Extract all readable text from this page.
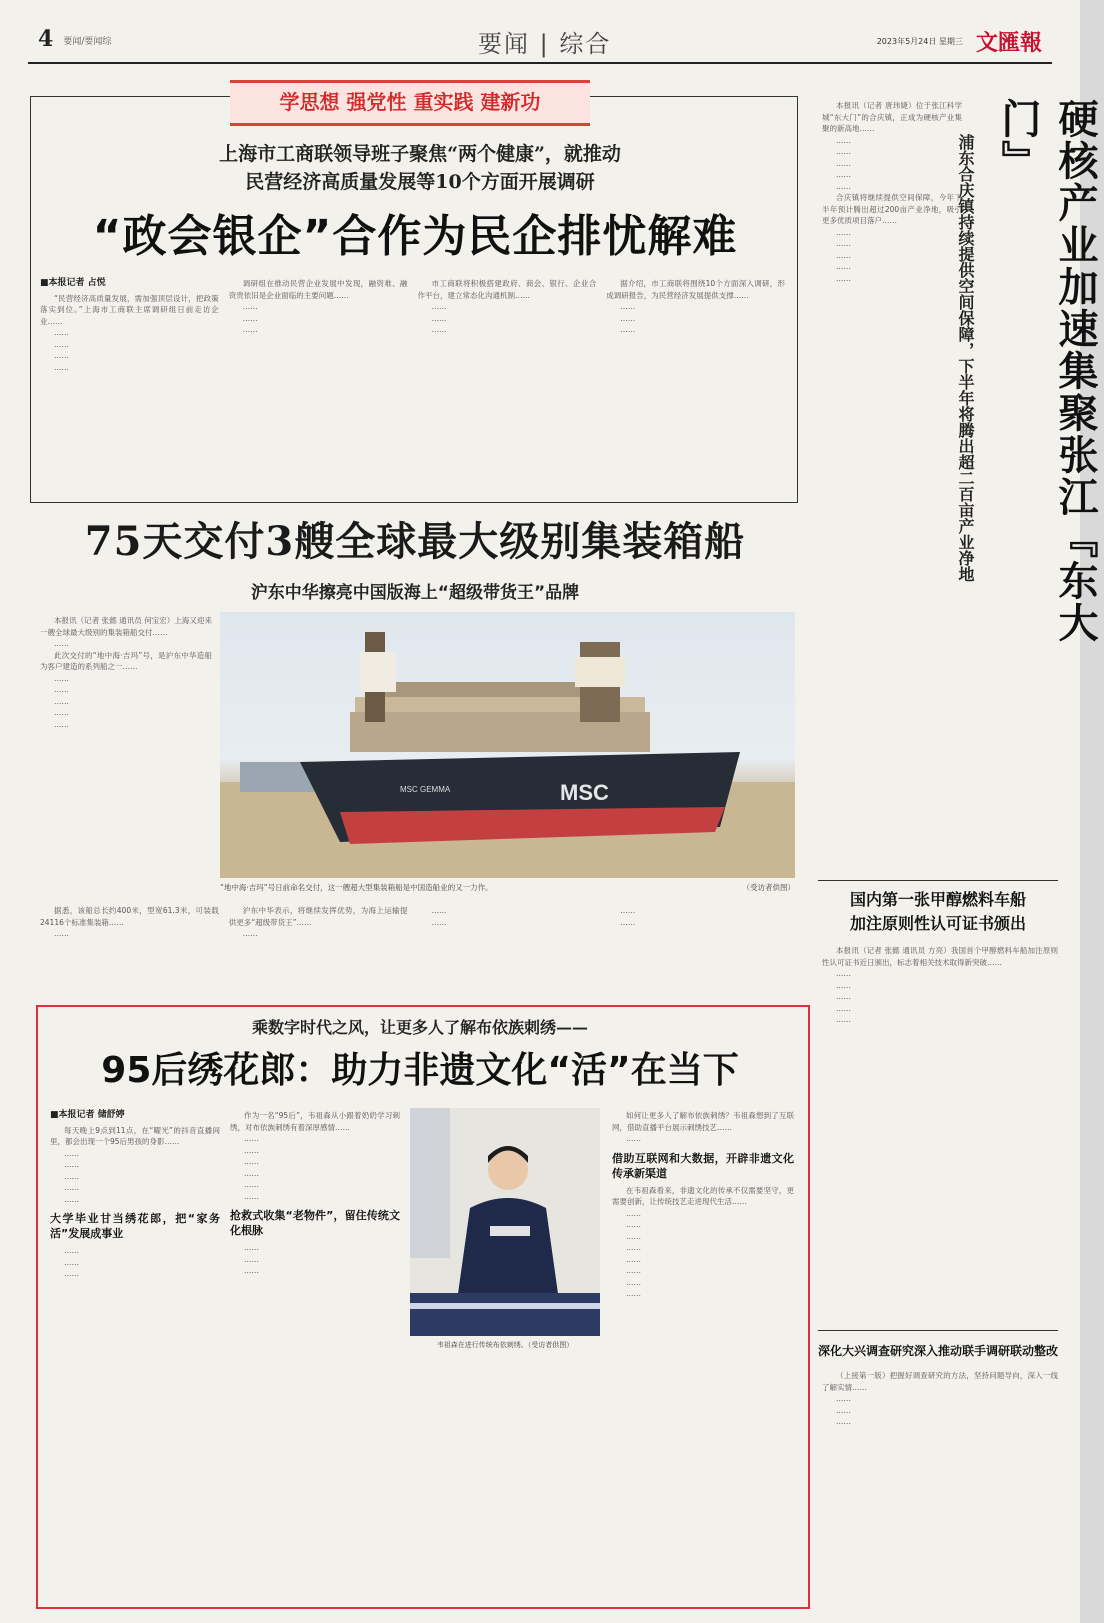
4 要闻/要闻综	要闻 | 综合	2023年5月24日 星期三 文匯報
学思想 强党性 重实践 建新功
上海市工商联领导班子聚焦“两个健康”，就推动
民营经济高质量发展等10个方面开展调研
“政会银企”合作为民企排忧解难
■本报记者 占悦

“民营经济高质量发展，需加强顶层设计，把政策落实到位。”上海市工商联主席调研组日前走访企业……

……

……

……

……

调研组在推动民营企业发展中发现，融资难、融资贵依旧是企业面临的主要问题……

……

……

……

市工商联将积极搭建政府、商会、银行、企业合作平台，建立常态化沟通机制……

……

……

……

据介绍，市工商联将围绕10个方面深入调研，形成调研报告，为民营经济发展提供支撑……

……

……

……

75天交付3艘全球最大级别集装箱船
沪东中华擦亮中国版海上“超级带货王”品牌

本报讯（记者 张懿 通讯员 何宝宏）上海又迎来一艘全球最大级别的集装箱船交付……

……

此次交付的“地中海·吉玛”号，是沪东中华造船为客户建造的系列船之一……

……

……

……

……

……

MSC GEMMA	MSC
“地中海·吉玛”号日前命名交付，这一艘超大型集装箱船是中国造船业的又一力作。	（受访者供图）

据悉，该船总长约400米，型宽61.3米，可装载24116个标准集装箱……

……

沪东中华表示，将继续发挥优势，为海上运输提供更多“超级带货王”……

……

……

……

……

……

乘数字时代之风，让更多人了解布依族刺绣——
95后绣花郎：助力非遗文化“活”在当下
■本报记者 储舒婷

每天晚上9点到11点，在“曜光”的抖音直播间里，都会出现一个95后男孩的身影……

……

……

……

……

……

大学毕业甘当绣花郎，把“家务活”发展成事业

……

……

……

作为一名“95后”，韦祖森从小跟着奶奶学习刺绣，对布依族刺绣有着深厚感情……

……

……

……

……

……

……

抢救式收集“老物件”，留住传统文化根脉

……

……

……

韦祖森在进行传统布依刺绣。（受访者供图）

如何让更多人了解布依族刺绣？韦祖森想到了互联网，借助直播平台展示刺绣技艺……

……

借助互联网和大数据，开辟非遗文化传承新渠道

在韦祖森看来，非遗文化的传承不仅需要坚守，更需要创新，让传统技艺走进现代生活……

……

……

……

……

……

……

……

……

硬核产业加速集聚张江『东大门』
浦东合庆镇持续提供空间保障，下半年将腾出超二百亩产业净地

本报讯（记者 唐玮婕）位于张江科学城“东大门”的合庆镇，正成为硬核产业集聚的新高地……

……

……

……

……

……

合庆镇将继续提供空间保障，今年下半年预计腾出超过200亩产业净地，吸引更多优质项目落户……

……

……

……

……

……

国内第一张甲醇燃料车船
加注原则性认可证书颁出

本报讯（记者 张懿 通讯员 方亮）我国首个甲醇燃料车船加注原则性认可证书近日颁出，标志着相关技术取得新突破……

……

……

……

……

……

深化大兴调查研究深入推动联手调研联动整改

（上接第一版）把握好调查研究的方法，坚持问题导向，深入一线了解实情……

……

……

……
